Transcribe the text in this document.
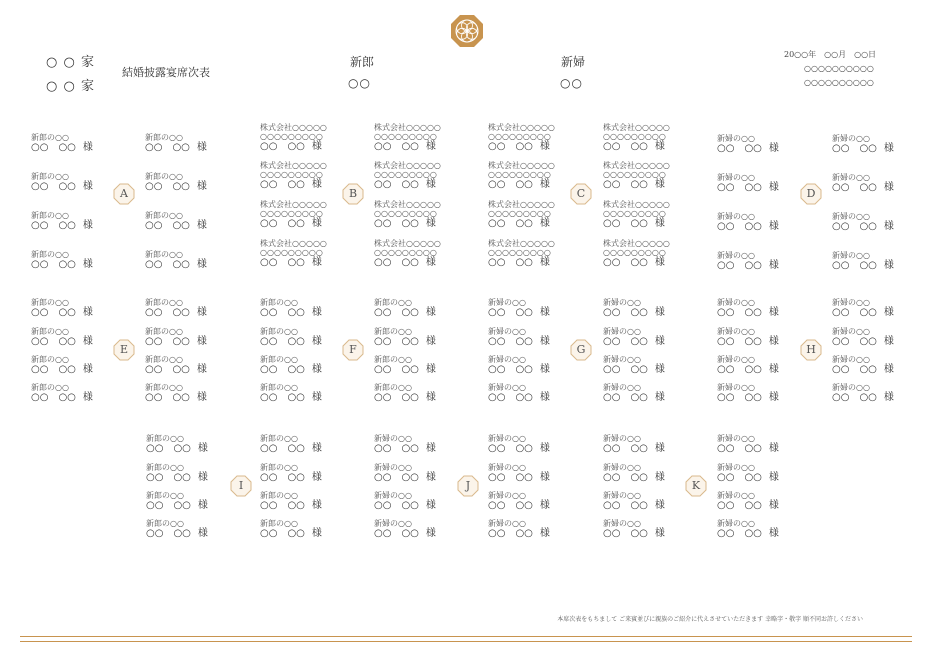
○ ○ 家
○ ○ 家
結婚披露宴席次表
新郎
○○
新婦
○○
20○○年　○○月　○○日
○○○○○○○○○○
○○○○○○○○○○
新郎の○○
○○　○○ 様
新郎の○○
○○　○○ 様
新郎の○○
○○　○○ 様
新郎の○○
○○　○○ 様
新郎の○○
○○　○○ 様
新郎の○○
○○　○○ 様
新郎の○○
○○　○○ 様
新郎の○○
○○　○○ 様
A
株式会社○○○○○
○○○○○○○○○
○○　○○ 様
株式会社○○○○○
○○○○○○○○○
○○　○○ 様
株式会社○○○○○
○○○○○○○○○
○○　○○ 様
株式会社○○○○○
○○○○○○○○○
○○　○○ 様
株式会社○○○○○
○○○○○○○○○
○○　○○ 様
株式会社○○○○○
○○○○○○○○○
○○　○○ 様
株式会社○○○○○
○○○○○○○○○
○○　○○ 様
株式会社○○○○○
○○○○○○○○○
○○　○○ 様
B
株式会社○○○○○
○○○○○○○○○
○○　○○ 様
株式会社○○○○○
○○○○○○○○○
○○　○○ 様
株式会社○○○○○
○○○○○○○○○
○○　○○ 様
株式会社○○○○○
○○○○○○○○○
○○　○○ 様
株式会社○○○○○
○○○○○○○○○
○○　○○ 様
株式会社○○○○○
○○○○○○○○○
○○　○○ 様
株式会社○○○○○
○○○○○○○○○
○○　○○ 様
株式会社○○○○○
○○○○○○○○○
○○　○○ 様
C
新婦の○○
○○　○○ 様
新婦の○○
○○　○○ 様
新婦の○○
○○　○○ 様
新婦の○○
○○　○○ 様
新婦の○○
○○　○○ 様
新婦の○○
○○　○○ 様
新婦の○○
○○　○○ 様
新婦の○○
○○　○○ 様
D
新郎の○○
○○　○○ 様
新郎の○○
○○　○○ 様
新郎の○○
○○　○○ 様
新郎の○○
○○　○○ 様
新郎の○○
○○　○○ 様
新郎の○○
○○　○○ 様
新郎の○○
○○　○○ 様
新郎の○○
○○　○○ 様
E
新郎の○○
○○　○○ 様
新郎の○○
○○　○○ 様
新郎の○○
○○　○○ 様
新郎の○○
○○　○○ 様
新郎の○○
○○　○○ 様
新郎の○○
○○　○○ 様
新郎の○○
○○　○○ 様
新郎の○○
○○　○○ 様
F
新婦の○○
○○　○○ 様
新婦の○○
○○　○○ 様
新婦の○○
○○　○○ 様
新婦の○○
○○　○○ 様
新婦の○○
○○　○○ 様
新婦の○○
○○　○○ 様
新婦の○○
○○　○○ 様
新婦の○○
○○　○○ 様
G
新婦の○○
○○　○○ 様
新婦の○○
○○　○○ 様
新婦の○○
○○　○○ 様
新婦の○○
○○　○○ 様
新婦の○○
○○　○○ 様
新婦の○○
○○　○○ 様
新婦の○○
○○　○○ 様
新婦の○○
○○　○○ 様
H
新郎の○○
○○　○○ 様
新郎の○○
○○　○○ 様
新郎の○○
○○　○○ 様
新郎の○○
○○　○○ 様
新郎の○○
○○　○○ 様
新郎の○○
○○　○○ 様
新郎の○○
○○　○○ 様
新郎の○○
○○　○○ 様
I
新婦の○○
○○　○○ 様
新婦の○○
○○　○○ 様
新婦の○○
○○　○○ 様
新婦の○○
○○　○○ 様
新婦の○○
○○　○○ 様
新婦の○○
○○　○○ 様
新婦の○○
○○　○○ 様
新婦の○○
○○　○○ 様
J
新婦の○○
○○　○○ 様
新婦の○○
○○　○○ 様
新婦の○○
○○　○○ 様
新婦の○○
○○　○○ 様
新婦の○○
○○　○○ 様
新婦の○○
○○　○○ 様
新婦の○○
○○　○○ 様
新婦の○○
○○　○○ 様
K
本席次表をもちまして ご来賓並びに親族のご紹介に代えさせていただきます 幸略字・敬字 順不同お許しください
